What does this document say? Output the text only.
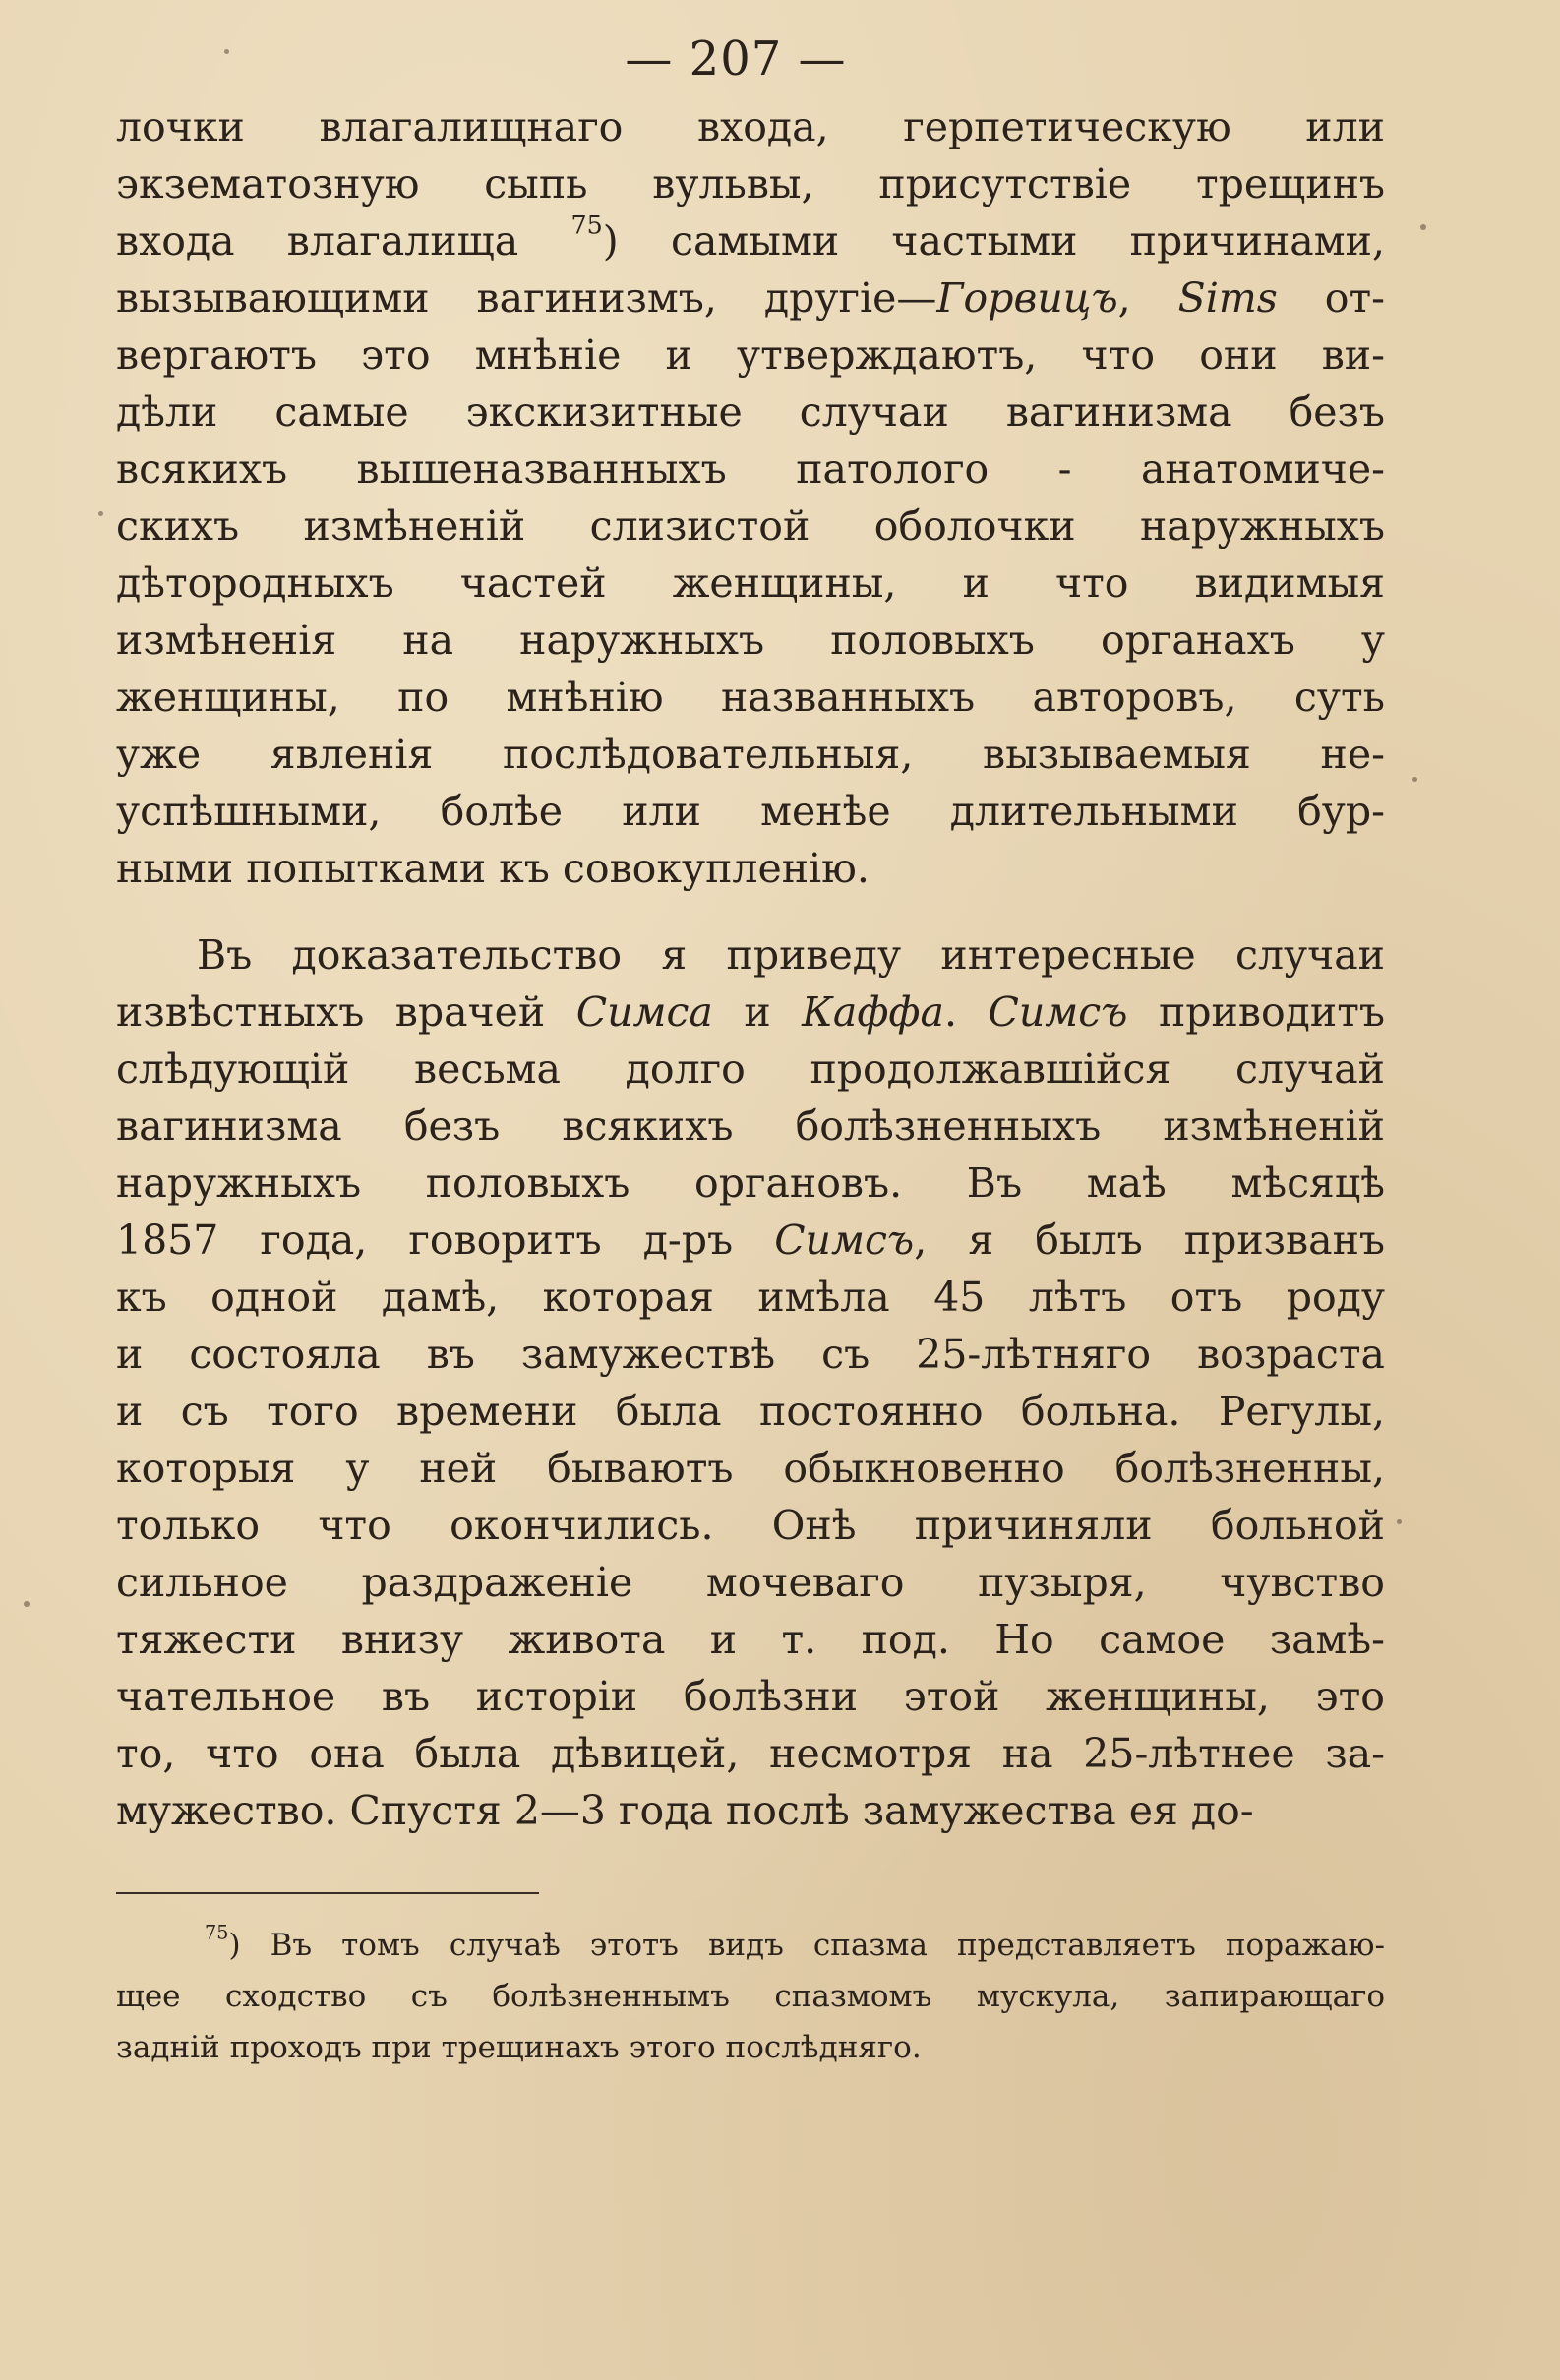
— 207 —
лочки влагалищнаго входа, герпетическую или
экзематозную сыпь вульвы, присутствіе трещинъ
входа влагалища $^{75}$) самыми частыми причинами,
вызывающими вагинизмъ, другіе—Горвицъ, Sims от-
вергаютъ это мнѣніе и утверждаютъ, что они ви-
дѣли самые экскизитные случаи вагинизма безъ
всякихъ вышеназванныхъ патолого - анатомиче-
скихъ измѣненій слизистой оболочки наружныхъ
дѣтородныхъ частей женщины, и что видимыя
измѣненія на наружныхъ половыхъ органахъ у
женщины, по мнѣнію названныхъ авторовъ, суть
уже явленія послѣдовательныя, вызываемыя не-
успѣшными, болѣе или менѣе длительными бур-
ными попытками къ совокупленію.
Въ доказательство я приведу интересные случаи
извѣстныхъ врачей Симса и Каффа. Симсъ приводитъ
слѣдующій весьма долго продолжавшійся случай
вагинизма безъ всякихъ болѣзненныхъ измѣненій
наружныхъ половыхъ органовъ. Въ маѣ мѣсяцѣ
1857 года, говоритъ д-ръ Симсъ, я былъ призванъ
къ одной дамѣ, которая имѣла 45 лѣтъ отъ роду
и состояла въ замужествѣ съ 25-лѣтняго возраста
и съ того времени была постоянно больна. Регулы,
которыя у ней бываютъ обыкновенно болѣзненны,
только что окончились. Онѣ причиняли больной
сильное раздраженіе мочеваго пузыря, чувство
тяжести внизу живота и т. под. Но самое замѣ-
чательное въ исторіи болѣзни этой женщины, это
то, что она была дѣвицей, несмотря на 25-лѣтнее за-
мужество. Спустя 2—3 года послѣ замужества ея до-
$^{75}$) Въ томъ случаѣ этотъ видъ спазма представляетъ поражаю-
щее сходство съ болѣзненнымъ спазмомъ мускула, запирающаго
задній проходъ при трещинахъ этого послѣдняго.
